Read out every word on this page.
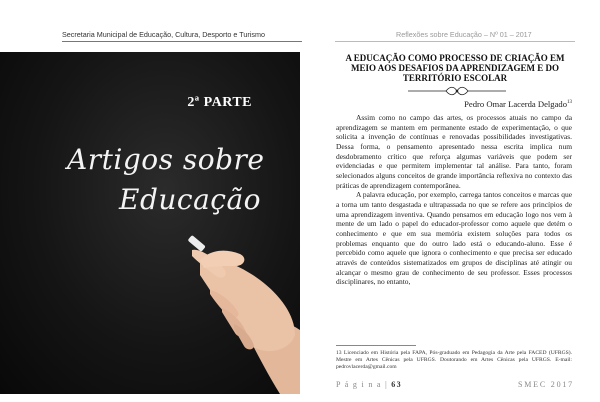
Secretaria Municipal de Educação, Cultura, Desporto e Turismo
2ª PARTE
Artigos sobre
Educação
Reflexões sobre Educação – Nº 01 – 2017
A EDUCAÇÃO COMO PROCESSO DE CRIAÇÃO EM MEIO AOS DESAFIOS DA APRENDIZAGEM E DO TERRITÓRIO ESCOLAR
Pedro Omar Lacerda Delgado$^{13}$

Assim como no campo das artes, os processos atuais no campo da aprendizagem se mantem em permanente estado de experimentação, o que solicita a invenção de contínuas e renovadas possibilidades investigativas. Dessa forma, o pensamento apresentado nessa escrita implica num desdobramento crítico que reforça algumas variáveis que podem ser evidenciadas e que permitem implementar tal análise. Para tanto, foram selecionados alguns conceitos de grande importância reflexiva no contexto das práticas de aprendizagem contemporânea.

A palavra educação, por exemplo, carrega tantos conceitos e marcas que a torna um tanto desgastada e ultrapassada no que se refere aos princípios de uma aprendizagem inventiva. Quando pensamos em educação logo nos vem à mente de um lado o papel do educador-professor como aquele que detém o conhecimento e que em sua memória existem soluções para todos os problemas enquanto que do outro lado está o educando-aluno. Esse é percebido como aquele que ignora o conhecimento e que precisa ser educado através de conteúdos sistematizados em grupos de disciplinas até atingir ou alcançar o mesmo grau de conhecimento de seu professor. Esses processos disciplinares, no entanto,

13 Licenciado em História pela FAPA, Pós-graduado em Pedagogia da Arte pela FACED (UFRGS). Mestre em Artes Cênicas pela UFRGS. Doutorando em Artes Cênicas pela UFRGS. E-mail: pedrovlacerda@gmail.com
P á g i n a | 63	SMEC 2017
